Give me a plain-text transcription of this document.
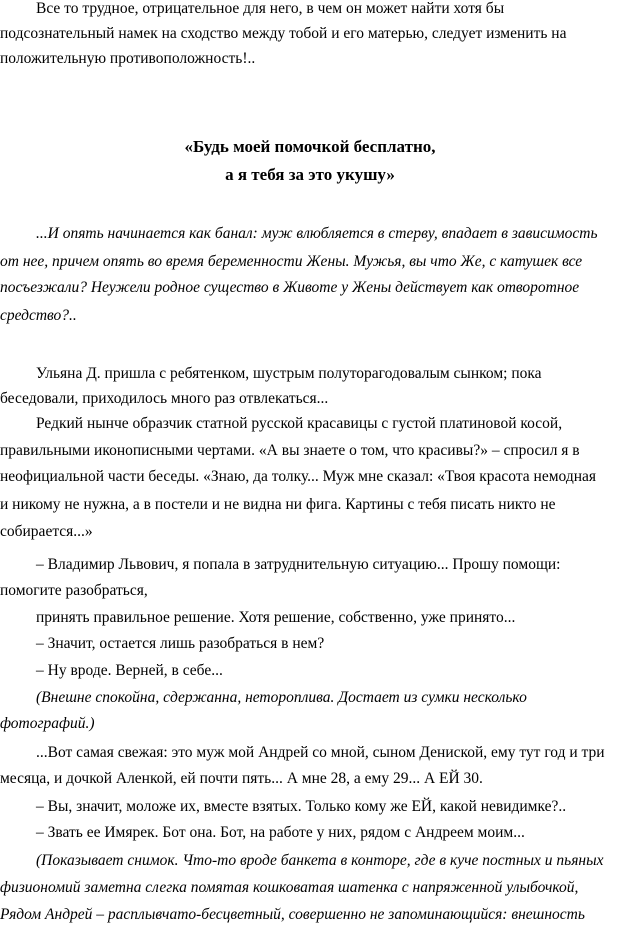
Все то трудное, отрицательное для него, в чем он может найти хотя бы
подсознательный намек на сходство между тобой и его матерью, следует изменить на
положительную противоположность!..
«Будь моей помочкой бесплатно,
а я тебя за это укушу»
...И опять начинается как банал: муж влюбляется в стерву, впадает в зависимость
от нее, причем опять во время беременности Жены. Мужья, вы что Же, с катушек все
посъезжали? Неужели родное существо в Животе у Жены действует как отворотное
средство?..
Ульяна Д. пришла с ребятенком, шустрым полуторагодовалым сынком; пока
беседовали, приходилось много раз отвлекаться...
Редкий нынче образчик статной русской красавицы с густой платиновой косой,
правильными иконописными чертами. «А вы знаете о том, что красивы?» – спросил я в
неофициальной части беседы. «Знаю, да толку... Муж мне сказал: «Твоя красота немодная
и никому не нужна, а в постели и не видна ни фига. Картины с тебя писать никто не
собирается...»
– Владимир Львович, я попала в затруднительную ситуацию... Прошу помощи:
помогите разобраться,
принять правильное решение. Хотя решение, собственно, уже принято...
– Значит, остается лишь разобраться в нем?
– Ну вроде. Верней, в себе...
(Внешне спокойна, сдержанна, нетороплива. Достает из сумки несколько
фотографий.)
...Вот самая свежая: это муж мой Андрей со мной, сыном Дениской, ему тут год и три
месяца, и дочкой Аленкой, ей почти пять... А мне 28, а ему 29... А ЕЙ 30.
– Вы, значит, моложе их, вместе взятых. Только кому же ЕЙ, какой невидимке?..
– Звать ее Имярек. Бот она. Бот, на работе у них, рядом с Андреем моим...
(Показывает снимок. Что-то вроде банкета в конторе, где в куче постных и пьяных
физиономий заметна слегка помятая кошковатая шатенка с напряженной улыбочкой,
Рядом Андрей – расплывчато-бесцветный, совершенно не запоминающийся: внешность
